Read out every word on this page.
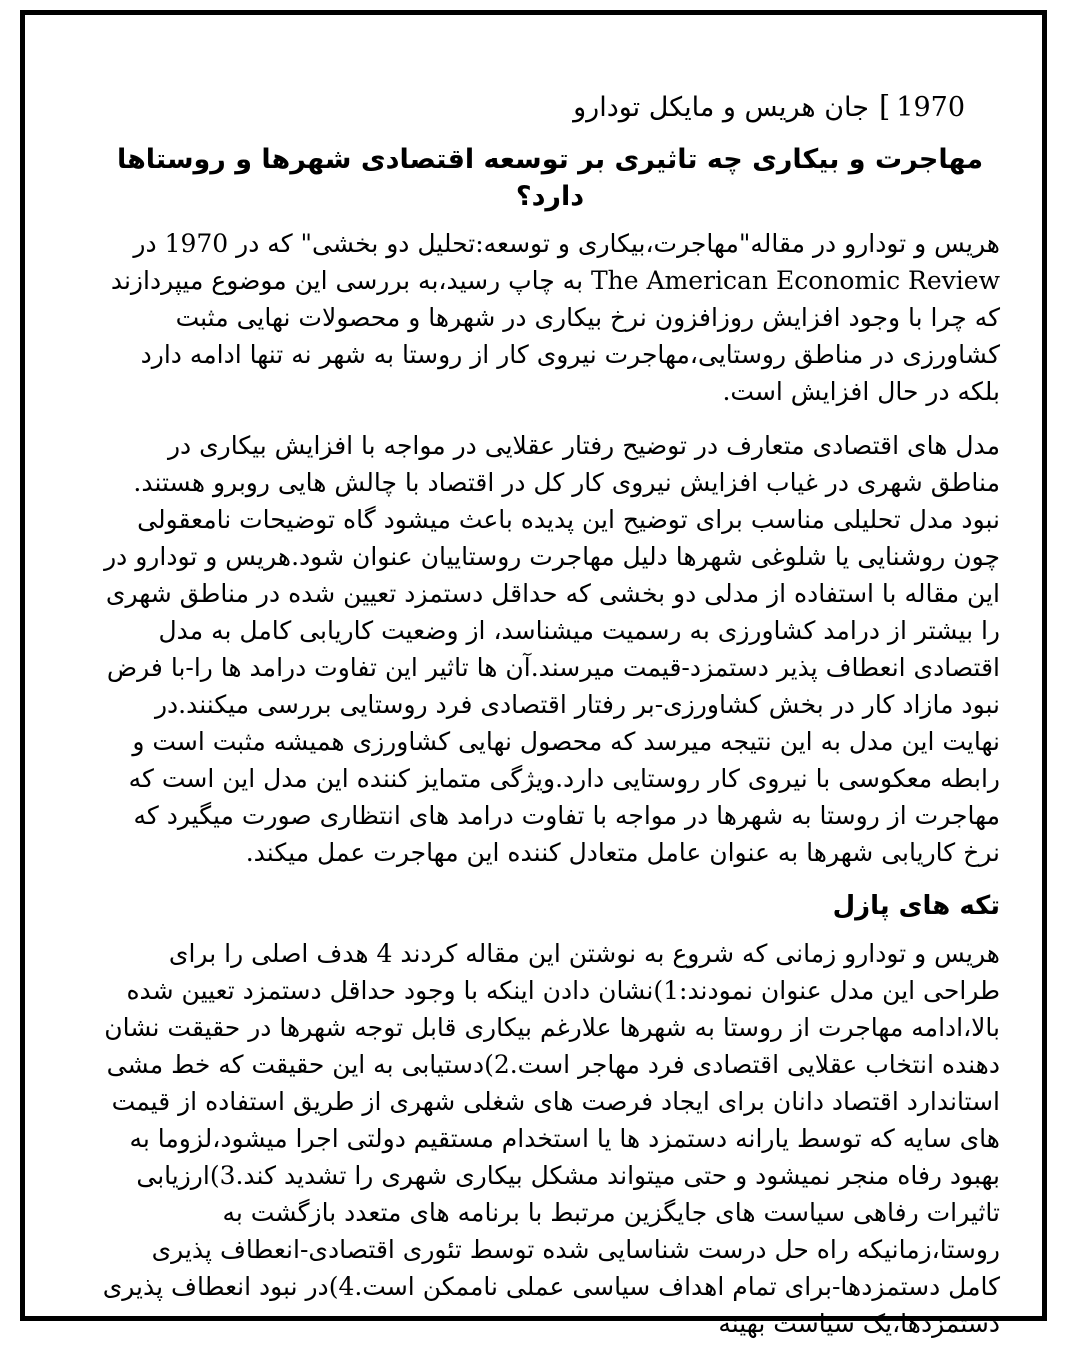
جان هریس و مایکل تودارو [ 1970
مهاجرت و بیکاری چه تاثیری بر توسعه اقتصادی شهرها و روستاها دارد؟

هریس و تودارو در مقاله"مهاجرت،بیکاری و توسعه:تحلیل دو بخشی" که در 1970 در The American Economic Review به چاپ رسید،به بررسی این موضوع میپردازند که چرا با وجود افزایش روزافزون نرخ بیکاری در شهرها و محصولات نهایی مثبت کشاورزی در مناطق روستایی،مهاجرت نیروی کار از روستا به شهر نه تنها ادامه دارد بلکه در حال افزایش است.

مدل های اقتصادی متعارف در توضیح رفتار عقلایی در مواجه با افزایش بیکاری در مناطق شهری در غیاب افزایش نیروی کار کل در اقتصاد با چالش هایی روبرو هستند. نبود مدل تحلیلی مناسب برای توضیح این پدیده باعث میشود گاه توضیحات نامعقولی چون روشنایی یا شلوغی شهرها دلیل مهاجرت روستاییان عنوان شود.هریس و تودارو در این مقاله با استفاده از مدلی دو بخشی که حداقل دستمزد تعیین شده در مناطق شهری را بیشتر از درامد کشاورزی به رسمیت میشناسد، از وضعیت کاریابی کامل به مدل اقتصادی انعطاف پذیر دستمزد-قیمت میرسند.آن ها تاثیر این تفاوت درامد ها را-با فرض نبود مازاد کار در بخش کشاورزی-بر رفتار اقتصادی فرد روستایی بررسی میکنند.در نهایت این مدل به این نتیجه میرسد که محصول نهایی کشاورزی همیشه مثبت است و رابطه معکوسی با نیروی کار روستایی دارد.ویژگی متمایز کننده این مدل این است که مهاجرت از روستا به شهرها در مواجه با تفاوت درامد های انتظاری صورت میگیرد که نرخ کاریابی شهرها به عنوان عامل متعادل کننده این مهاجرت عمل میکند.

تکه های پازل

هریس و تودارو زمانی که شروع به نوشتن این مقاله کردند 4 هدف اصلی را برای طراحی این مدل عنوان نمودند:1)نشان دادن اینکه با وجود حداقل دستمزد تعیین شده بالا،ادامه مهاجرت از روستا به شهرها علارغم بیکاری قابل توجه شهرها در حقیقت نشان دهنده انتخاب عقلایی اقتصادی فرد مهاجر است.2)دستیابی به این حقیقت که خط مشی استاندارد اقتصاد دانان برای ایجاد فرصت های شغلی شهری از طریق استفاده از قیمت های سایه که توسط یارانه دستمزد ها یا استخدام مستقیم دولتی اجرا میشود،لزوما به بهبود رفاه منجر نمیشود و حتی میتواند مشکل بیکاری شهری را تشدید کند.3)ارزیابی تاثیرات رفاهی سیاست های جایگزین مرتبط با برنامه های متعدد بازگشت به روستا،زمانیکه راه حل درست شناسایی شده توسط تئوری اقتصادی-انعطاف پذیری کامل دستمزدها-برای تمام اهداف سیاسی عملی ناممکن است.4)در نبود انعطاف پذیری دستمزدها،یک سیاست بهینه
